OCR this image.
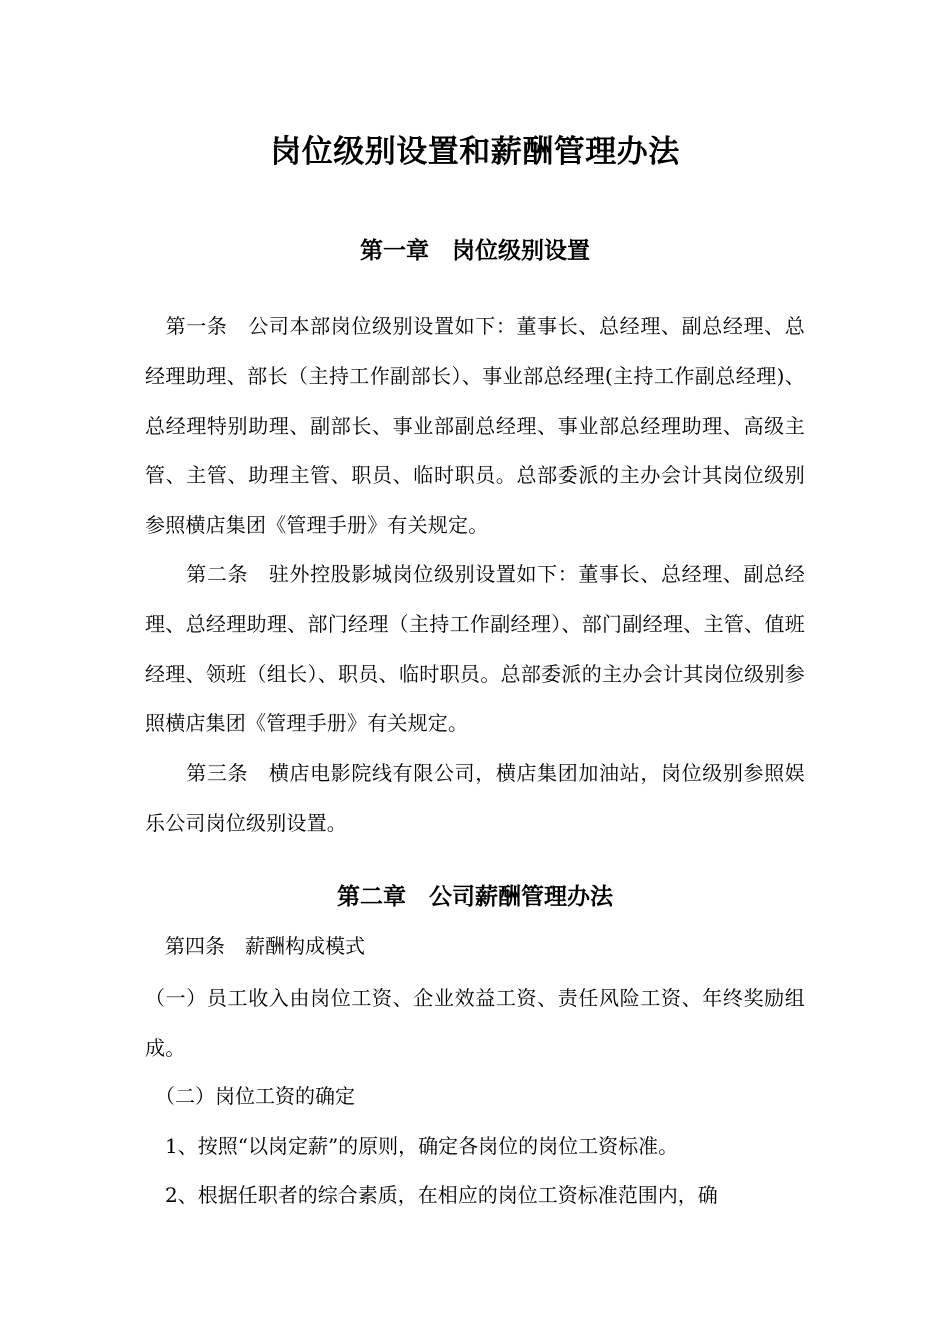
岗位级别设置和薪酬管理办法
第一章　岗位级别设置
　第一条　公司本部岗位级别设置如下：董事长、总经理、副总经理、总经理助理、部长（主持工作副部长）、事业部总经理(主持工作副总经理)、总经理特别助理、副部长、事业部副总经理、事业部总经理助理、高级主管、主管、助理主管、职员、临时职员。总部委派的主办会计其岗位级别参照横店集团《管理手册》有关规定。
　　第二条　驻外控股影城岗位级别设置如下：董事长、总经理、副总经理、总经理助理、部门经理（主持工作副经理）、部门副经理、主管、值班经理、领班（组长）、职员、临时职员。总部委派的主办会计其岗位级别参照横店集团《管理手册》有关规定。
　　第三条　横店电影院线有限公司，横店集团加油站，岗位级别参照娱乐公司岗位级别设置。
第二章　公司薪酬管理办法
　第四条　薪酬构成模式
（一）员工收入由岗位工资、企业效益工资、责任风险工资、年终奖励组成。
　（二）岗位工资的确定
　1、按照“以岗定薪”的原则，确定各岗位的岗位工资标准。
　2、根据任职者的综合素质，在相应的岗位工资标准范围内，确
